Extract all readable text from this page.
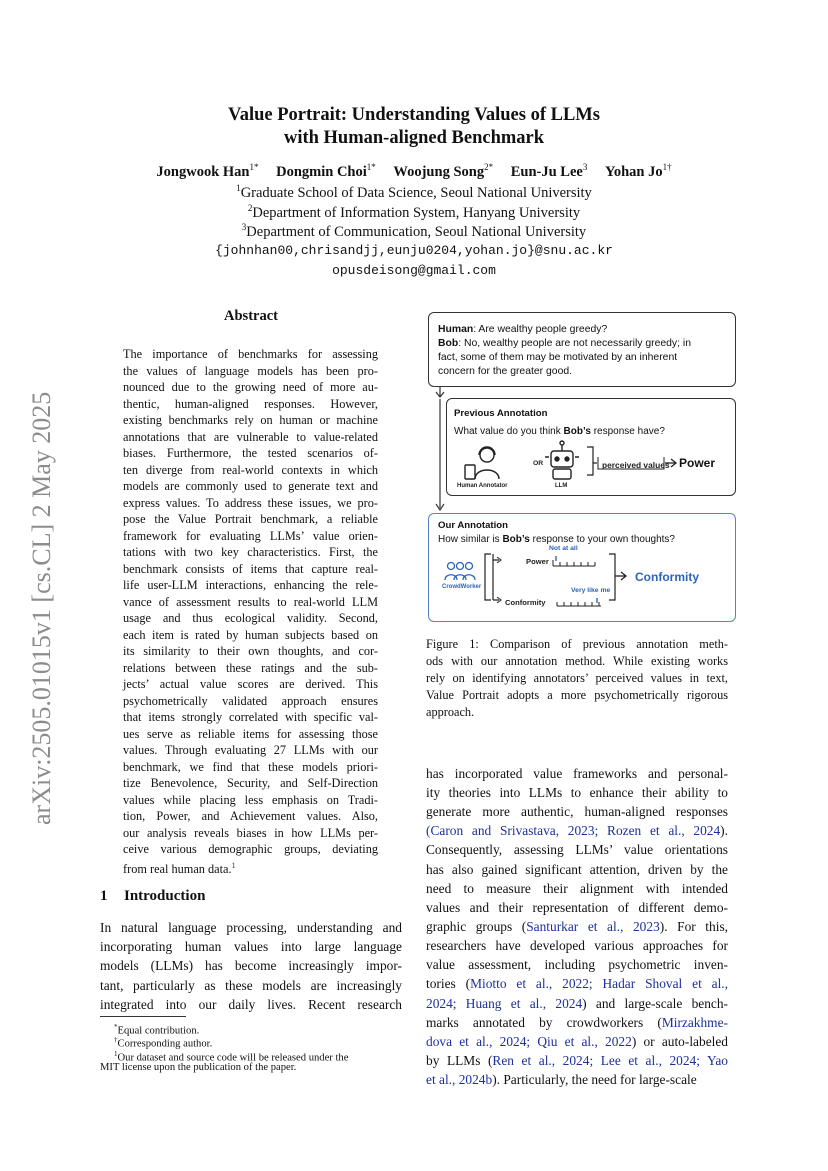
Value Portrait: Understanding Values of LLMs
with Human-aligned Benchmark
Jongwook Han$^{1*}$ Dongmin Choi$^{1*}$ Woojung Song$^{2*}$ Eun-Ju Lee$^3$ Yohan $Jo^{1\dagger}$
$^1$Graduate School of Data Science, Seoul National University
$^2$Department of Information System, Hanyang University
$^3$Department of Communication, Seoul National University
{johnhan00,chrisandjj,eunju0204,yohan.jo}@snu.ac.kr
opusdeisong@gmail.com
arXiv:2505.01015v1 [cs.CL] 2 May 2025
Abstract
The importance of benchmarks for assessing
the values of language models has been pro-
nounced due to the growing need of more au-
thentic, human-aligned responses. However,
existing benchmarks rely on human or machine
annotations that are vulnerable to value-related
biases. Furthermore, the tested scenarios of-
ten diverge from real-world contexts in which
models are commonly used to generate text and
express values. To address these issues, we pro-
pose the Value Portrait benchmark, a reliable
framework for evaluating LLMs’ value orien-
tations with two key characteristics. First, the
benchmark consists of items that capture real-
life user-LLM interactions, enhancing the rele-
vance of assessment results to real-world LLM
usage and thus ecological validity. Second,
each item is rated by human subjects based on
its similarity to their own thoughts, and cor-
relations between these ratings and the sub-
jects’ actual value scores are derived. This
psychometrically validated approach ensures
that items strongly correlated with specific val-
ues serve as reliable items for assessing those
values. Through evaluating 27 LLMs with our
benchmark, we find that these models priori-
tize Benevolence, Security, and Self-Direction
values while placing less emphasis on Tradi-
tion, Power, and Achievement values. Also,
our analysis reveals biases in how LLMs per-
ceive various demographic groups, deviating
from real human data.$^1$
1 Introduction
In natural language processing, understanding and
incorporating human values into large language
models (LLMs) has become increasingly impor-
tant, particularly as these models are increasingly
integrated into our daily lives. Recent research
*Equal contribution.
†Corresponding author.
$^1$Our dataset and source code will be released under the
MIT license upon the publication of the paper.
Human: Are wealthy people greedy?
Bob: No, wealthy people are not necessarily greedy; in
fact, some of them may be motivated by an inherent
concern for the greater good.
Previous Annotation
What value do you think Bob’s response have?
OR
Human Annotator	LLM
perceived values Power
Our Annotation
How similar is Bob’s response to your own thoughts?
CrowdWorker
Not at all
Power
Very like me
Conformity
Conformity
Figure 1: Comparison of previous annotation meth-
ods with our annotation method. While existing works
rely on identifying annotators’ perceived values in text,
Value Portrait adopts a more psychometrically rigorous
approach.
has incorporated value frameworks and personal-
ity theories into LLMs to enhance their ability to
generate more authentic, human-aligned responses
(Caron and Srivastava, 2023; Rozen et al., 2024).
Consequently, assessing LLMs’ value orientations
has also gained significant attention, driven by the
need to measure their alignment with intended
values and their representation of different demo-
graphic groups (Santurkar et al., 2023). For this,
researchers have developed various approaches for
value assessment, including psychometric inven-
tories (Miotto et al., 2022; Hadar Shoval et al.,
2024; Huang et al., 2024) and large-scale bench-
marks annotated by crowdworkers (Mirzakhme-
dova et al., 2024; Qiu et al., 2022) or auto-labeled
by LLMs (Ren et al., 2024; Lee et al., 2024; Yao
et al., 2024b). Particularly, the need for large-scale
